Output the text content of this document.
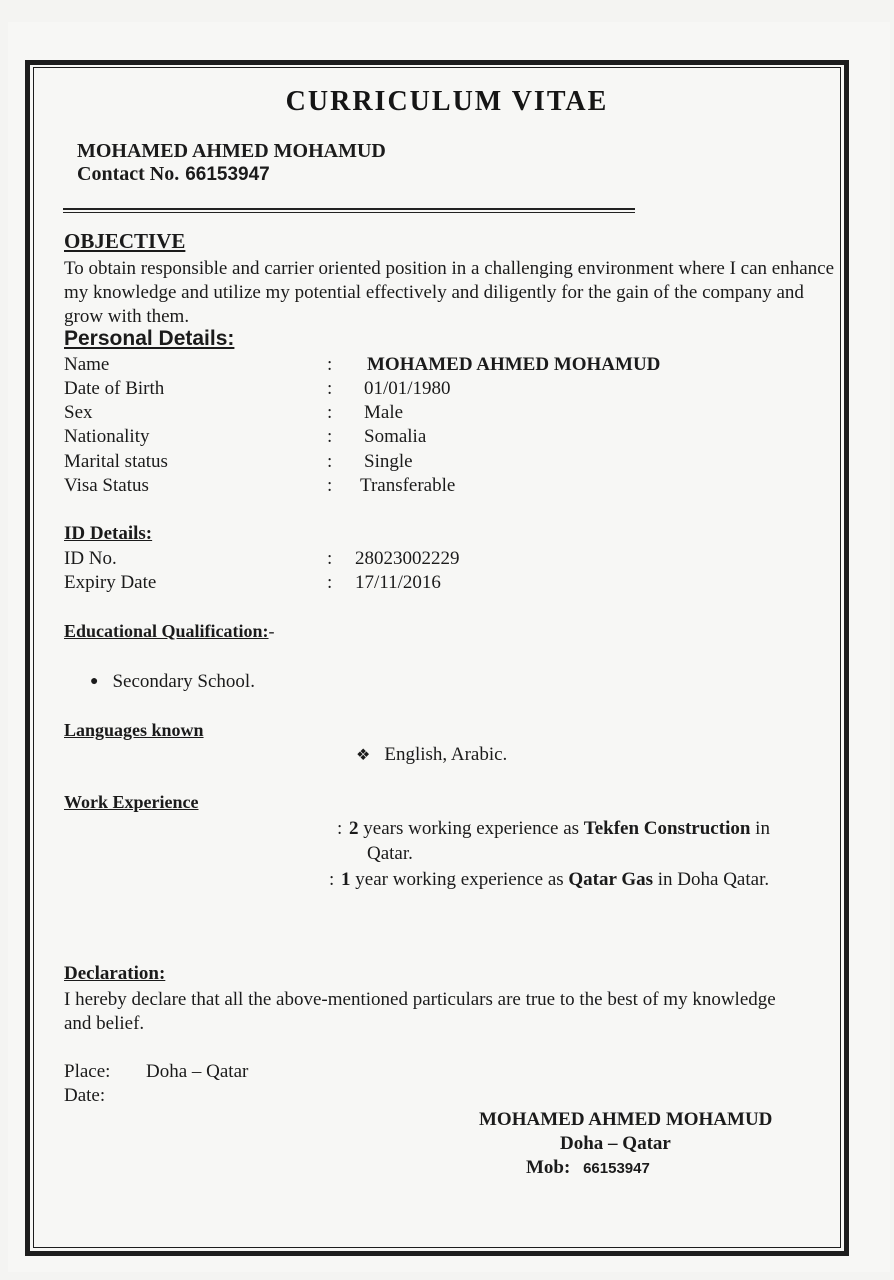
CURRICULUM VITAE
MOHAMED AHMED MOHAMUD
Contact No. 66153947
OBJECTIVE
To obtain responsible and carrier oriented position in a challenging environment where I can enhance my knowledge and utilize my potential effectively and diligently for the gain of the company and grow with them.
Personal Details:
Name	: MOHAMED AHMED MOHAMUD
Date of Birth	: 01/01/1980
Sex	: Male
Nationality	: Somalia
Marital status	: Single
Visa Status	: Transferable
ID Details:
ID No.	: 28023002229
Expiry Date	: 17/11/2016
Educational Qualification:-
● Secondary School.
Languages known
❖ English, Arabic.
Work Experience
: 2 years working experience as Tekfen Construction in
Qatar.
: 1 year working experience as Qatar Gas in Doha Qatar.
Declaration:
I hereby declare that all the above-mentioned particulars are true to the best of my knowledge and belief.
Place: Doha – Qatar
Date:
MOHAMED AHMED MOHAMUD
Doha – Qatar
Mob: 66153947
